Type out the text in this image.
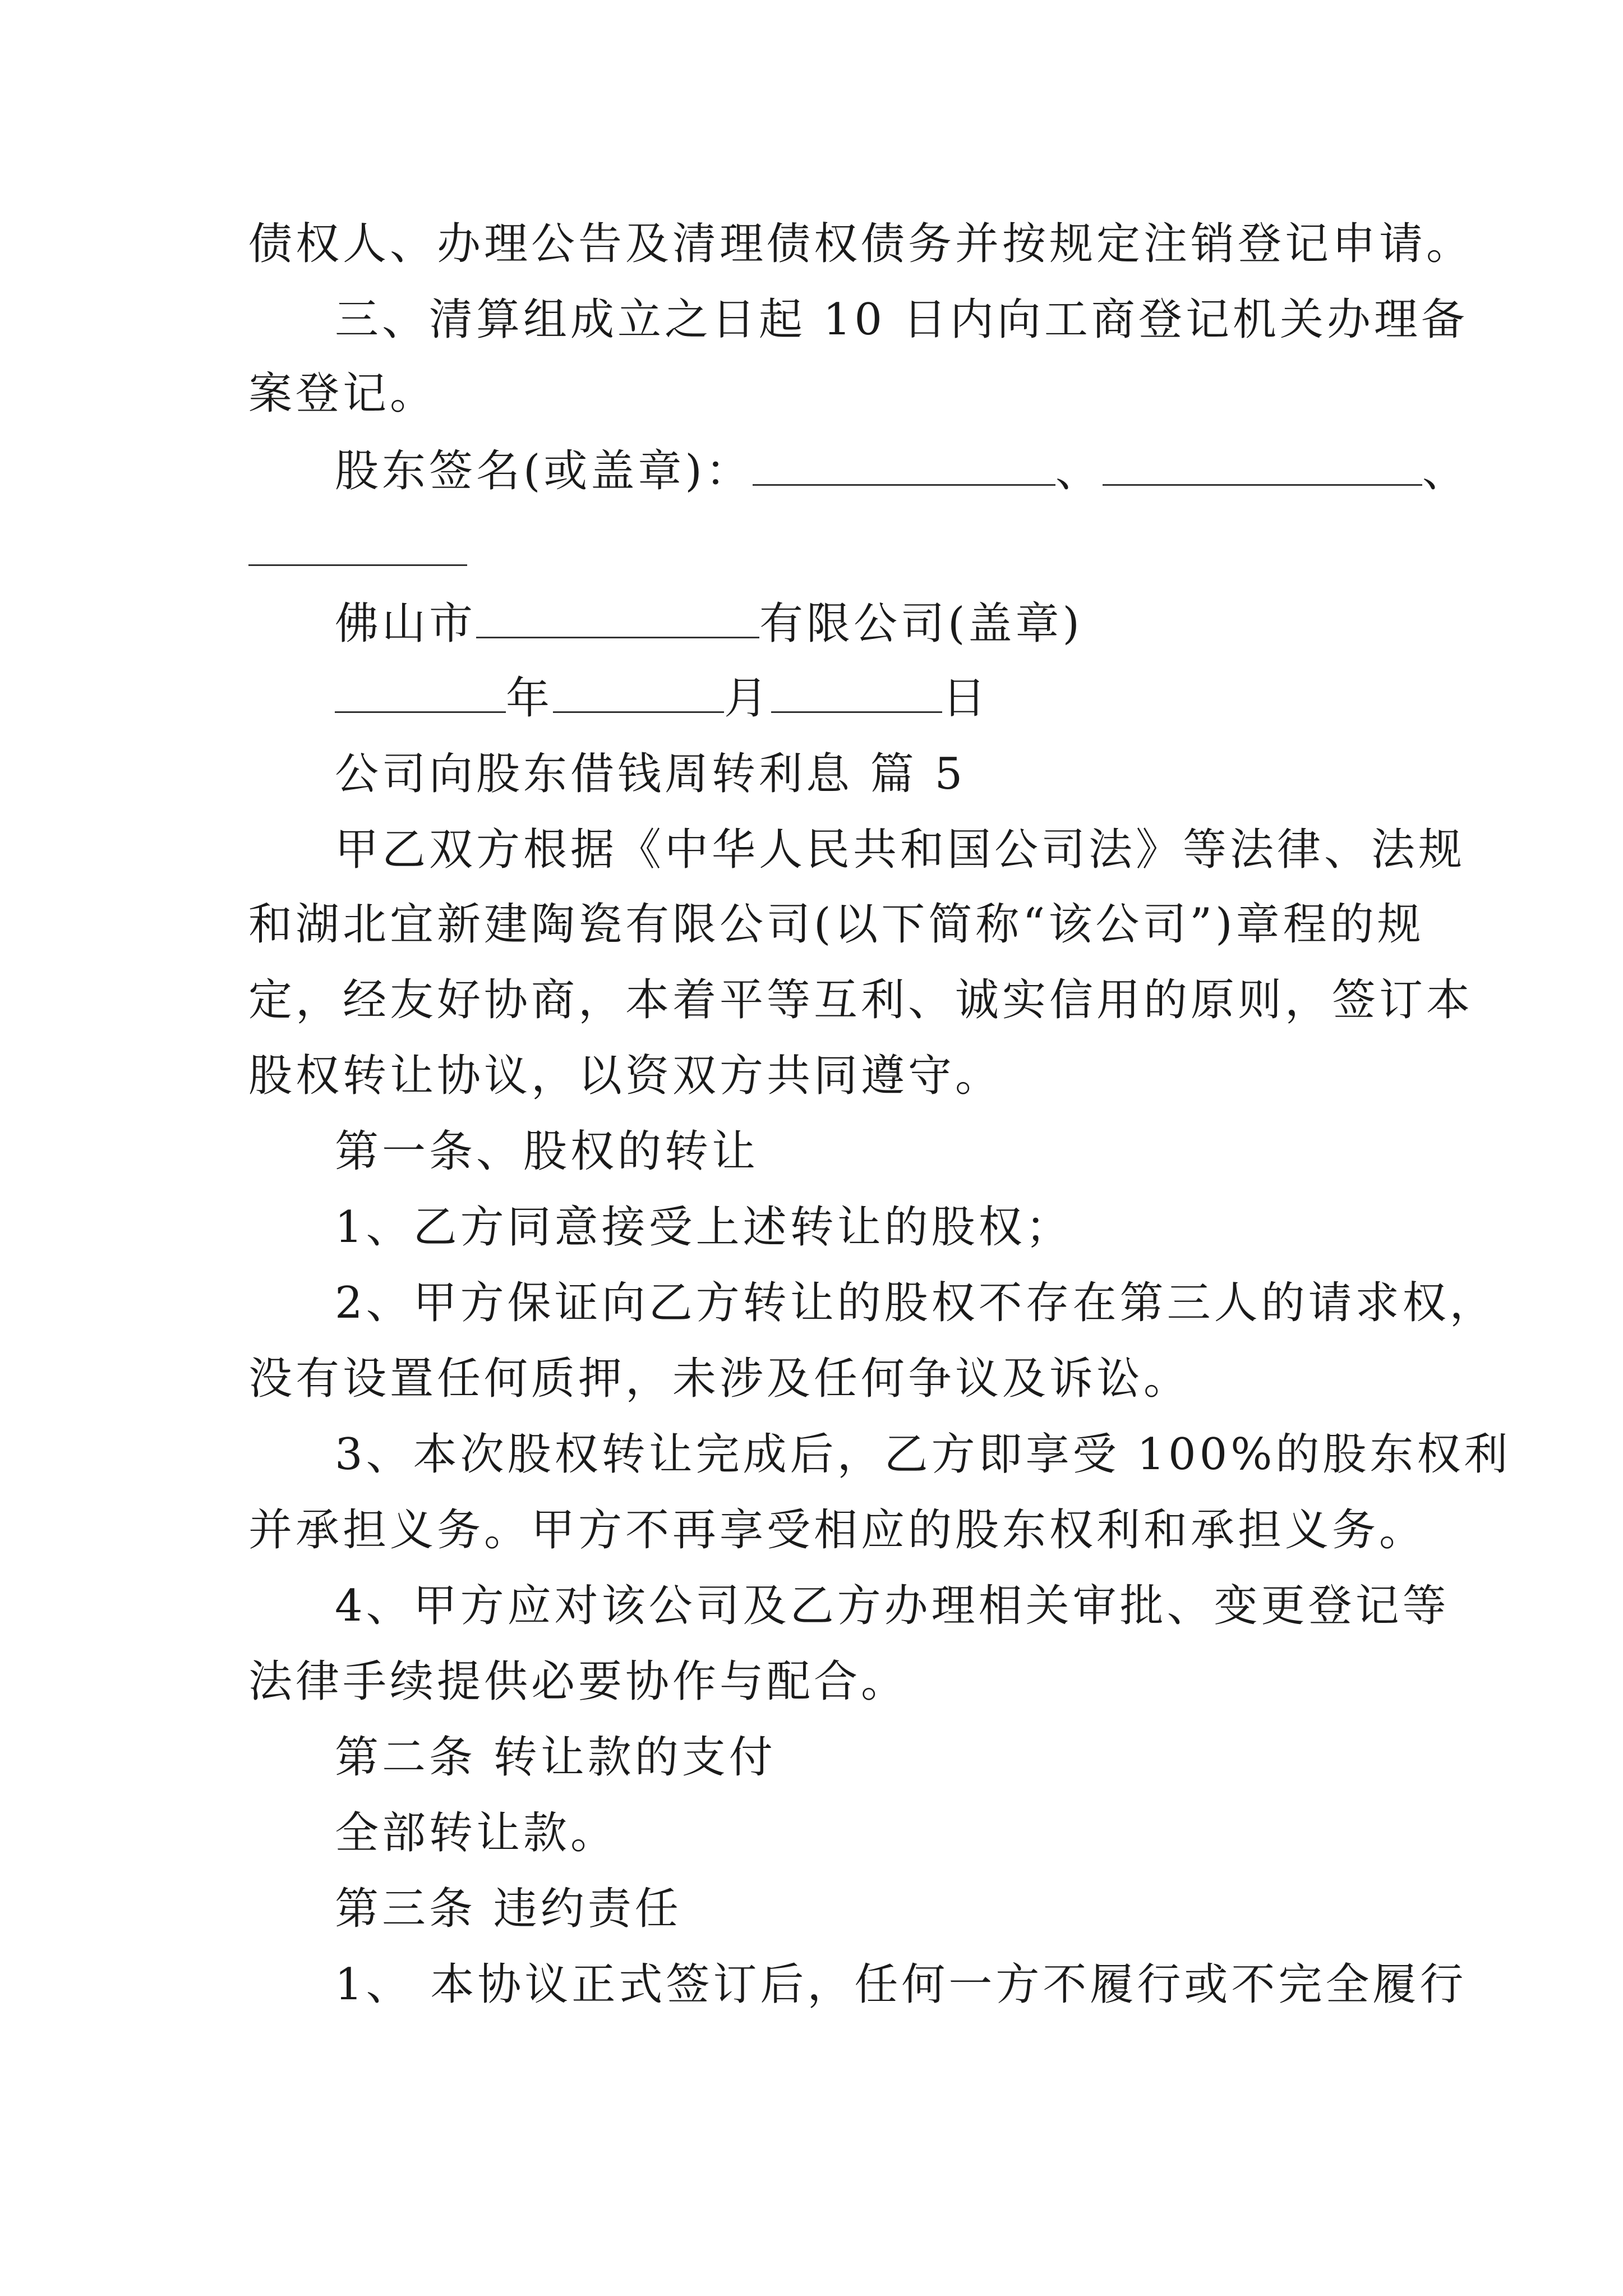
债权人、办理公告及清理债权债务并按规定注销登记申请。
三、清算组成立之日起 10 日内向工商登记机关办理备
案登记。
股东签名(或盖章)：	、	、
佛山市	有限公司(盖章)
年	月	日
公司向股东借钱周转利息 篇 5
甲乙双方根据《中华人民共和国公司法》等法律、法规
和湖北宜新建陶瓷有限公司(以下简称“该公司”)章程的规
定，经友好协商，本着平等互利、诚实信用的原则，签订本
股权转让协议，以资双方共同遵守。
第一条、股权的转让
1、乙方同意接受上述转让的股权；
2、甲方保证向乙方转让的股权不存在第三人的请求权，
没有设置任何质押，未涉及任何争议及诉讼。
3、本次股权转让完成后，乙方即享受 100%的股东权利
并承担义务。甲方不再享受相应的股东权利和承担义务。
4、甲方应对该公司及乙方办理相关审批、变更登记等
法律手续提供必要协作与配合。
第二条 转让款的支付
全部转让款。
第三条 违约责任
1、 本协议正式签订后，任何一方不履行或不完全履行
